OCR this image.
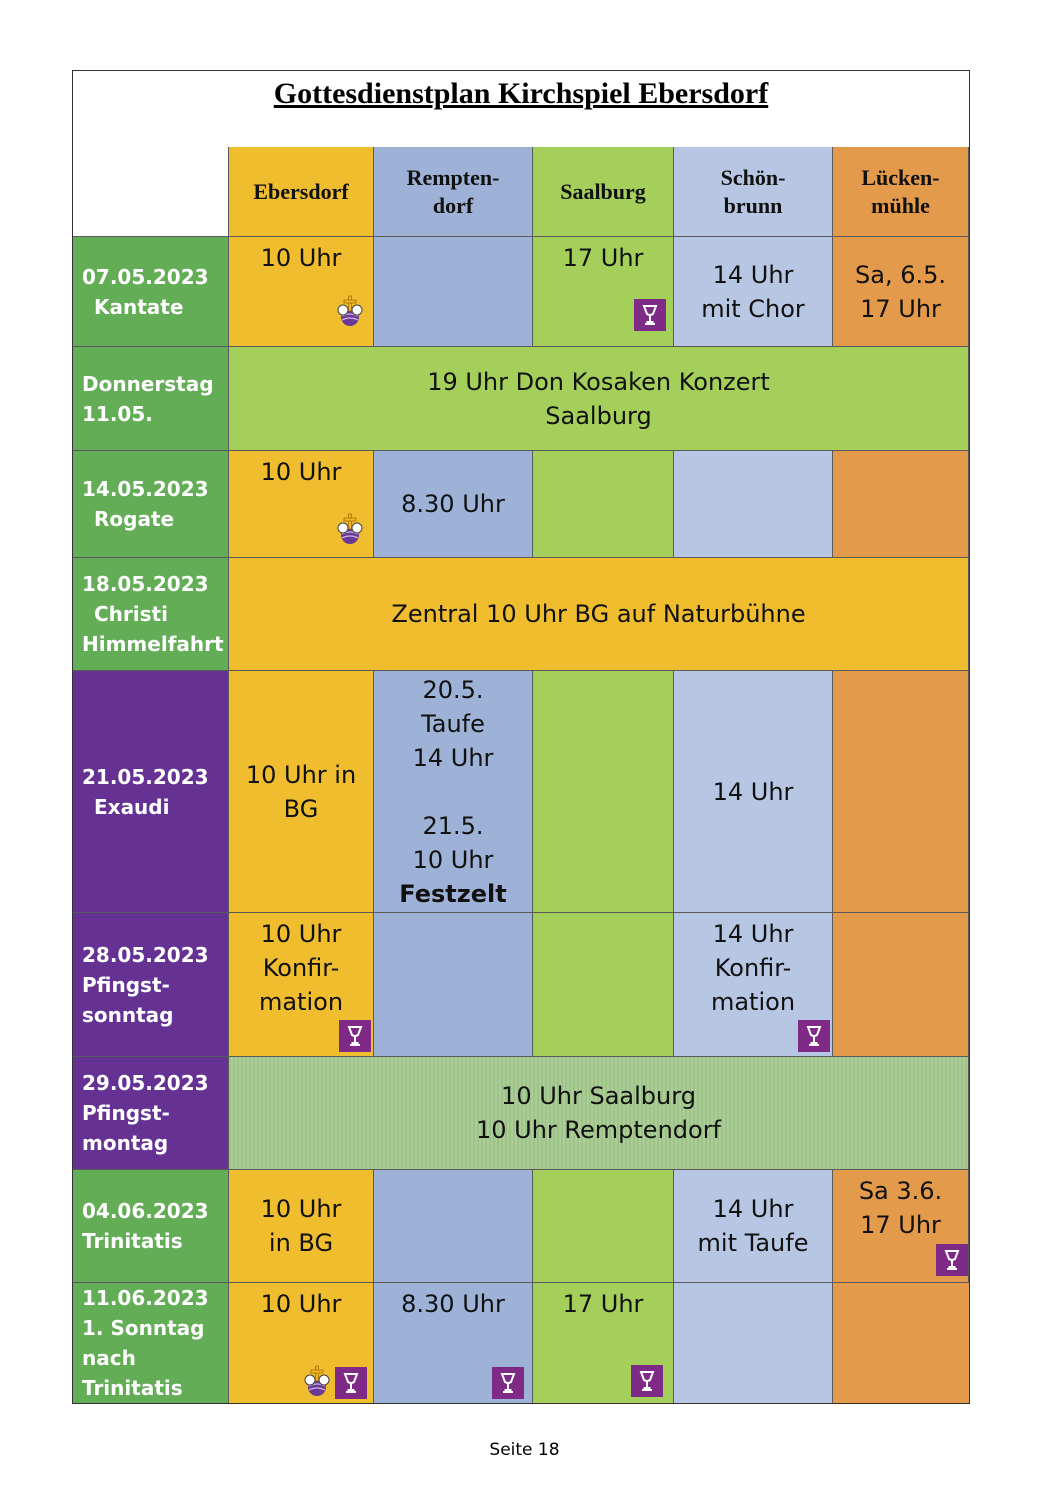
Gottesdienstplan Kirchspiel Ebersdorf
Ebersdorf
Rempten-
dorf
Saalburg
Schön-
brunn
Lücken-
mühle
07.05.2023
Kantate
10 Uhr	17 Uhr
14 Uhr
mit Chor
Sa, 6.5.
17 Uhr
Donnerstag
11.05.
19 Uhr Don Kosaken Konzert
Saalburg
14.05.2023
Rogate
10 Uhr
8.30 Uhr
18.05.2023
Christi
Himmelfahrt
Zentral 10 Uhr BG auf Naturbühne
21.05.2023
Exaudi
10 Uhr in
BG
20.5.
Taufe
14 Uhr
21.5.
10 Uhr
Festzelt
14 Uhr
28.05.2023
Pfingst-
sonntag
10 Uhr
Konfir-
mation
14 Uhr
Konfir-
mation
29.05.2023
Pfingst-
montag
10 Uhr Saalburg
10 Uhr Remptendorf
04.06.2023
Trinitatis
10 Uhr
in BG
14 Uhr
mit Taufe
Sa 3.6.
17 Uhr
11.06.2023
1. Sonntag
nach
Trinitatis
10 Uhr 8.30 Uhr 17 Uhr
Seite 18
